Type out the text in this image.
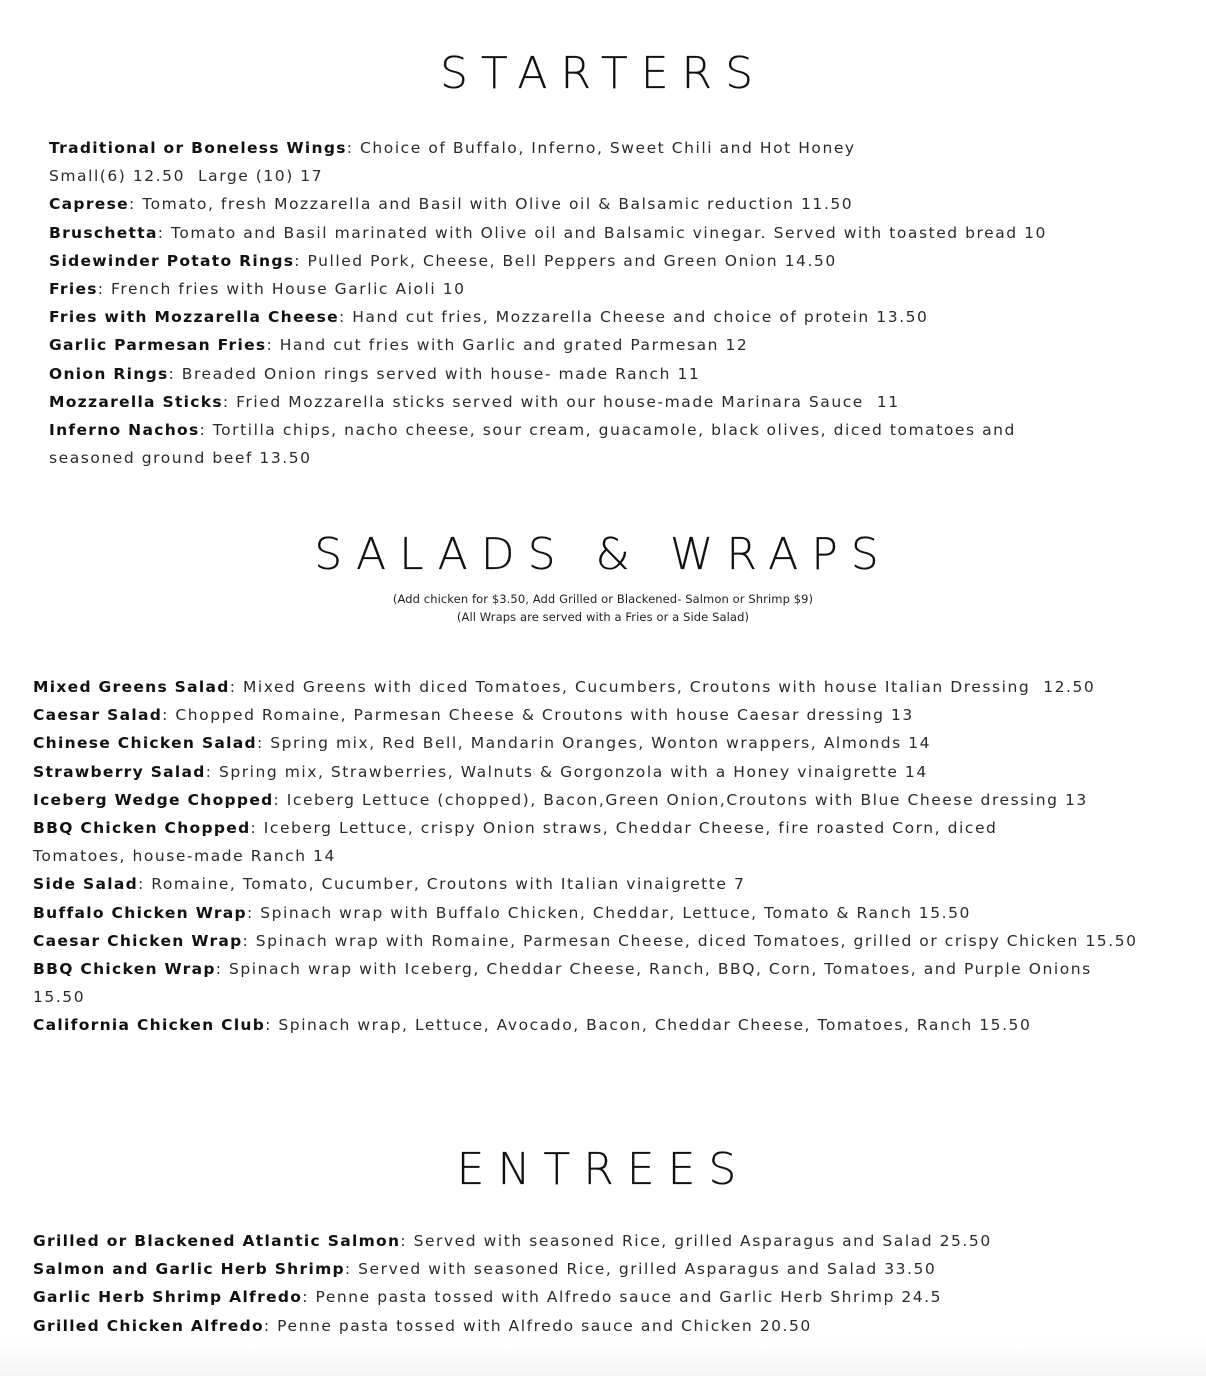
STARTERS
Traditional or Boneless Wings: Choice of Buffalo, Inferno, Sweet Chili and Hot Honey
Small(6) 12.50  Large (10) 17
Caprese: Tomato, fresh Mozzarella and Basil with Olive oil & Balsamic reduction 11.50
Bruschetta: Tomato and Basil marinated with Olive oil and Balsamic vinegar. Served with toasted bread 10
Sidewinder Potato Rings: Pulled Pork, Cheese, Bell Peppers and Green Onion 14.50
Fries: French fries with House Garlic Aioli 10
Fries with Mozzarella Cheese: Hand cut fries, Mozzarella Cheese and choice of protein 13.50
Garlic Parmesan Fries: Hand cut fries with Garlic and grated Parmesan 12
Onion Rings: Breaded Onion rings served with house- made Ranch 11
Mozzarella Sticks: Fried Mozzarella sticks served with our house-made Marinara Sauce  11
Inferno Nachos: Tortilla chips, nacho cheese, sour cream, guacamole, black olives, diced tomatoes and seasoned ground beef 13.50
SALADS & WRAPS
(Add chicken for $3.50, Add Grilled or Blackened- Salmon or Shrimp $9)
(All Wraps are served with a Fries or a Side Salad)
Mixed Greens Salad: Mixed Greens with diced Tomatoes, Cucumbers, Croutons with house Italian Dressing  12.50
Caesar Salad: Chopped Romaine, Parmesan Cheese & Croutons with house Caesar dressing 13
Chinese Chicken Salad: Spring mix, Red Bell, Mandarin Oranges, Wonton wrappers, Almonds 14
Strawberry Salad: Spring mix, Strawberries, Walnuts & Gorgonzola with a Honey vinaigrette 14
Iceberg Wedge Chopped: Iceberg Lettuce (chopped), Bacon,Green Onion,Croutons with Blue Cheese dressing 13
BBQ Chicken Chopped: Iceberg Lettuce, crispy Onion straws, Cheddar Cheese, fire roasted Corn, diced Tomatoes, house-made Ranch 14
Side Salad: Romaine, Tomato, Cucumber, Croutons with Italian vinaigrette 7
Buffalo Chicken Wrap: Spinach wrap with Buffalo Chicken, Cheddar, Lettuce, Tomato & Ranch 15.50
Caesar Chicken Wrap: Spinach wrap with Romaine, Parmesan Cheese, diced Tomatoes, grilled or crispy Chicken 15.50
BBQ Chicken Wrap: Spinach wrap with Iceberg, Cheddar Cheese, Ranch, BBQ, Corn, Tomatoes, and Purple Onions 15.50
California Chicken Club: Spinach wrap, Lettuce, Avocado, Bacon, Cheddar Cheese, Tomatoes, Ranch 15.50
ENTREES
Grilled or Blackened Atlantic Salmon: Served with seasoned Rice, grilled Asparagus and Salad 25.50
Salmon and Garlic Herb Shrimp: Served with seasoned Rice, grilled Asparagus and Salad 33.50
Garlic Herb Shrimp Alfredo: Penne pasta tossed with Alfredo sauce and Garlic Herb Shrimp 24.5
Grilled Chicken Alfredo: Penne pasta tossed with Alfredo sauce and Chicken 20.50
